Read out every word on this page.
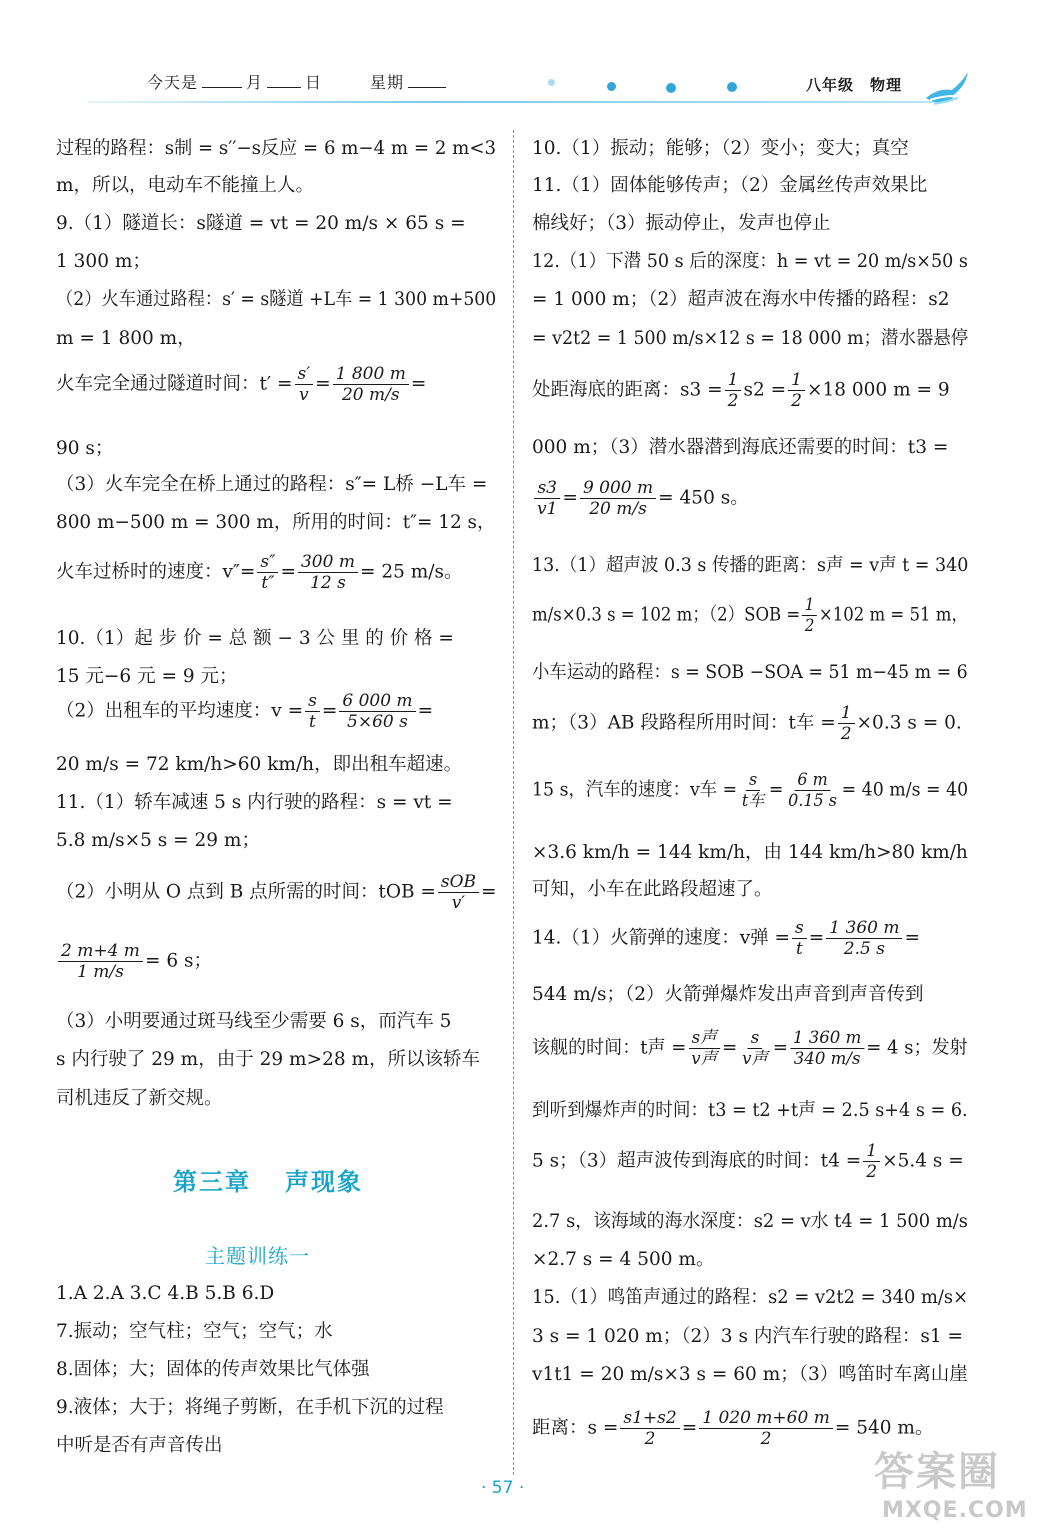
今天是	月	日	星期	八年级　物理
过程的路程：s制 = s′′−s反应 = 6 m−4 m = 2 m<3
m，所以，电动车不能撞上人。
9.（1）隧道长：s隧道 = vt = 20 m/s × 65 s =
1 300 m；
（2）火车通过路程：s′ = s隧道 +L车 = 1 300 m+500
m = 1 800 m，
火车完全通过隧道时间：$t' = \frac{s'}{v} = \frac{1 800 m}{20 m/s}$ =
90 s；
（3）火车完全在桥上通过的路程：s″= L桥 −L车 =
800 m−500 m = 300 m，所用的时间：t″= 12 s，
火车过桥时的速度：$v''= \frac{s''}{t''} = \frac{300 m}{12 s} = 25$ m/s。
10.（1）起 步 价 = 总 额 − 3 公 里 的 价 格 =
15 元−6 元 = 9 元；
（2）出租车的平均速度：$v = \frac{s}{t} = \frac{6 000 m}{5\times 60 s}$ =
20 m/s = 72 km/h>60 km/h，即出租车超速。
11.（1）轿车减速 5 s 内行驶的路程：s = vt =
5.8 m/s×5 s = 29 m；
（2）小明从 O 点到 B 点所需的时间：tOB = $\frac{\text{sOB}}{v'}$ =
$\frac{2 m+4 m}{1 m/s} = 6$ s；
（3）小明要通过斑马线至少需要 6 s，而汽车 5
s 内行驶了 29 m，由于 29 m>28 m，所以该轿车
司机违反了新交规。
第三章 声现象
主题训练一
1.A 2.A 3.C 4.B 5.B 6.D
7.振动；空气柱；空气；空气；水
8.固体；大；固体的传声效果比气体强
9.液体；大于；将绳子剪断，在手机下沉的过程
中听是否有声音传出
10.（1）振动；能够；（2）变小；变大；真空
11.（1）固体能够传声；（2）金属丝传声效果比
棉线好；（3）振动停止，发声也停止
12.（1）下潜 50 s 后的深度：h = vt = 20 m/s×50 s
= 1 000 m；（2）超声波在海水中传播的路程：s2
= v2t2 = 1 500 m/s×12 s = 18 000 m；潜水器悬停
处距海底的距离：$s3 = \frac{1}{2} s2 = \frac{1}{2} \times 18$ 000 m = 9
000 m；（3）潜水器潜到海底还需要的时间：t3 =
$\frac{s3}{v1} = \frac{9 000 m}{20 m/s} = 450$ s。
13.（1）超声波 0.3 s 传播的距离：s声 = v声 t = 340
m/s×0.3 s = 102 m；$(2)SOB = \frac{1}{2} \times 102$ m = 51 m，
小车运动的路程：s = SOB −SOA = 51 m−45 m = 6
m；（3）AB 段路程所用时间：t车 = $\frac{1}{2} \times 0.3$ s = 0.
15 s，汽车的速度：v车 = $\frac{s}{\text{t车}} = \frac{6 m}{0.15 s} = 40$ m/s = 40
×3.6 km/h = 144 km/h，由 144 km/h>80 km/h
可知，小车在此路段超速了。
14.（1）火箭弹的速度：v弹 = $\frac{s}{t} = \frac{1 360 m}{2.5 s}$ =
544 m/s；（2）火箭弹爆炸发出声音到声音传到
该舰的时间：t声 = $\frac{\text{s声}}{\text{v声}} = \frac{s}{\text{v声}} = \frac{1 360 m}{340 m/s} = 4$ s；发射
到听到爆炸声的时间：t3 = t2 +t声 = 2.5 s+4 s = 6.
5 s；（3）超声波传到海底的时间：$t4 = \frac{1}{2} \times 5.4$ s =
2.7 s，该海域的海水深度：s2 = v水 t4 = 1 500 m/s
×2.7 s = 4 500 m。
15.（1）鸣笛声通过的路程：s2 = v2t2 = 340 m/s×
3 s = 1 020 m；（2）3 s 内汽车行驶的路程：s1 =
v1t1 = 20 m/s×3 s = 60 m；（3）鸣笛时车离山崖
距离：$s = \frac{s1+s2}{2} = \frac{1 020 m+60 m}{2} = 540$ m。
· 57 ·	答案圈
MXQE.COM
